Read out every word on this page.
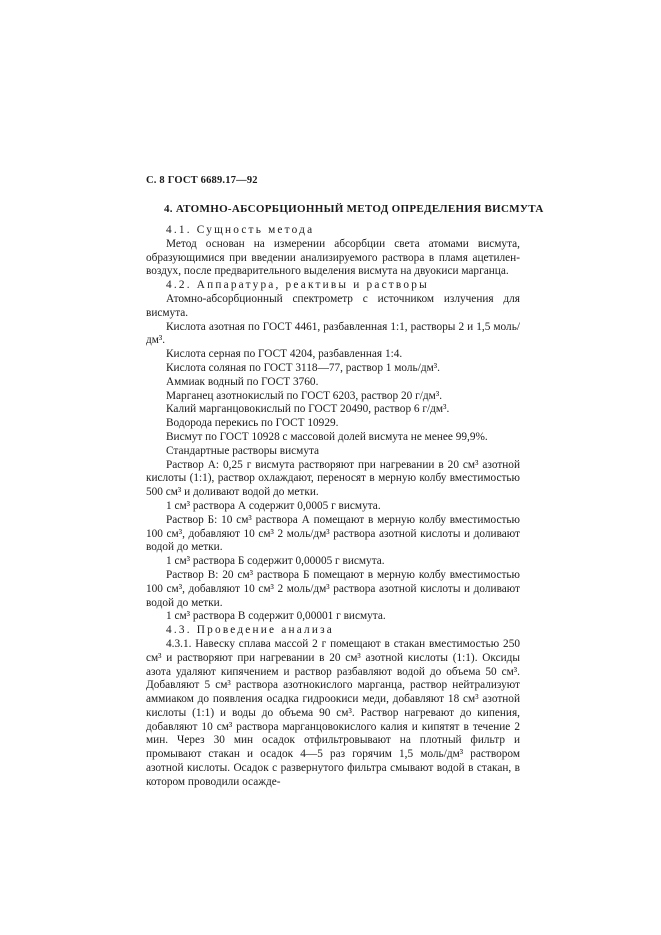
С. 8 ГОСТ 6689.17—92
4. АТОМНО-АБСОРБЦИОННЫЙ МЕТОД ОПРЕДЕЛЕНИЯ ВИСМУТА

4.1. Сущность метода

Метод основан на измерении абсорбции света атомами висмута, образующимися при введении анализируемого раствора в пламя ацетилен-воздух, после предварительного выделения висмута на двуокиси марганца.

4.2. Аппаратура, реактивы и растворы

Атомно-абсорбционный спектрометр с источником излучения для висмута.

Кислота азотная по ГОСТ 4461, разбавленная 1:1, растворы 2 и 1,5 моль/дм³.

Кислота серная по ГОСТ 4204, разбавленная 1:4.

Кислота соляная по ГОСТ 3118—77, раствор 1 моль/дм³.

Аммиак водный по ГОСТ 3760.

Марганец азотнокислый по ГОСТ 6203, раствор 20 г/дм³.

Калий марганцовокислый по ГОСТ 20490, раствор 6 г/дм³.

Водорода перекись по ГОСТ 10929.

Висмут по ГОСТ 10928 с массовой долей висмута не менее 99,9%.

Стандартные растворы висмута

Раствор А: 0,25 г висмута растворяют при нагревании в 20 см³ азотной кислоты (1:1), раствор охлаждают, переносят в мерную колбу вместимостью 500 см³ и доливают водой до метки.

1 см³ раствора А содержит 0,0005 г висмута.

Раствор Б: 10 см³ раствора А помещают в мерную колбу вместимостью 100 см³, добавляют 10 см³ 2 моль/дм³ раствора азотной кислоты и доливают водой до метки.

1 см³ раствора Б содержит 0,00005 г висмута.

Раствор В: 20 см³ раствора Б помещают в мерную колбу вместимостью 100 см³, добавляют 10 см³ 2 моль/дм³ раствора азотной кислоты и доливают водой до метки.

1 см³ раствора В содержит 0,00001 г висмута.

4.3. Проведение анализа

4.3.1. Навеску сплава массой 2 г помещают в стакан вместимостью 250 см³ и растворяют при нагревании в 20 см³ азотной кислоты (1:1). Оксиды азота удаляют кипячением и раствор разбавляют водой до объема 50 см³. Добавляют 5 см³ раствора азотнокислого марганца, раствор нейтрализуют аммиаком до появления осадка гидроокиси меди, добавляют 18 см³ азотной кислоты (1:1) и воды до объема 90 см³. Раствор нагревают до кипения, добавляют 10 см³ раствора марганцовокислого калия и кипятят в течение 2 мин. Через 30 мин осадок отфильтровывают на плотный фильтр и промывают стакан и осадок 4—5 раз горячим 1,5 моль/дм³ раствором азотной кислоты. Осадок с развернутого фильтра смывают водой в стакан, в котором проводили осажде-
